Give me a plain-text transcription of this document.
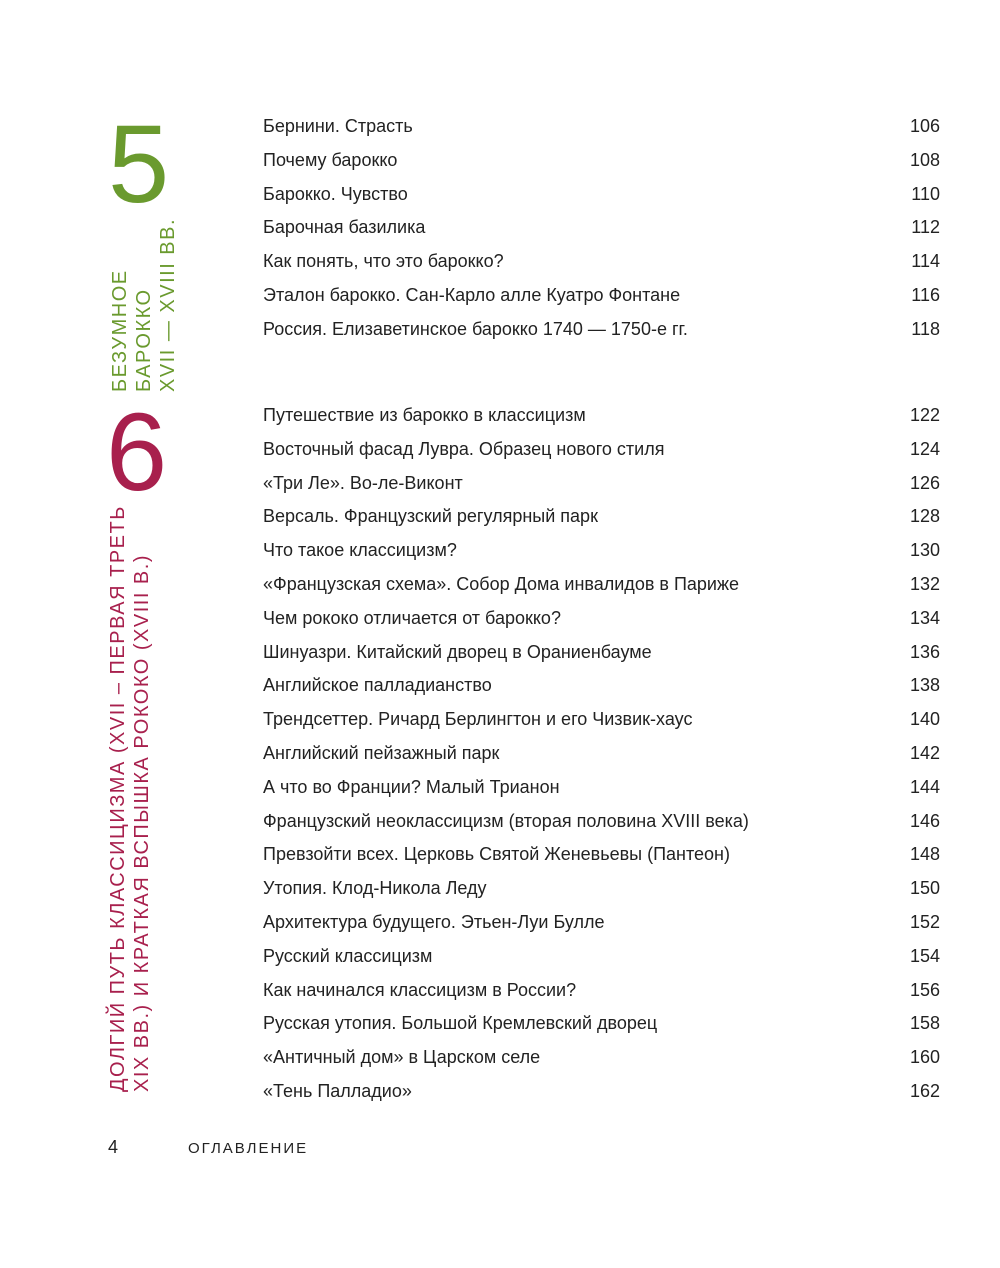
5
БЕЗУМНОЕ БАРОККО XVII — XVIII ВВ.
Бернини. Страсть	106
Почему барокко	108
Барокко. Чувство	110
Барочная базилика	112
Как понять, что это барокко?	114
Эталон барокко. Сан-Карло алле Куатро Фонтане	116
Россия. Елизаветинское барокко 1740 — 1750-е гг.	118
6
ДОЛГИЙ ПУТЬ КЛАССИЦИЗМА (XVII – ПЕРВАЯ ТРЕТЬ XIX ВВ.) И КРАТКАЯ ВСПЫШКА РОКОКО (XVIII В.)
Путешествие из барокко в классицизм	122
Восточный фасад Лувра. Образец нового стиля	124
«Три Ле». Во-ле-Виконт	126
Версаль. Французский регулярный парк	128
Что такое классицизм?	130
«Французская схема». Собор Дома инвалидов в Париже	132
Чем рококо отличается от барокко?	134
Шинуазри. Китайский дворец в Ораниенбауме	136
Английское палладианство	138
Трендсеттер. Ричард Берлингтон и его Чизвик-хаус	140
Английский пейзажный парк	142
А что во Франции? Малый Трианон	144
Французский неоклассицизм (вторая половина XVIII века)	146
Превзойти всех. Церковь Святой Женевьевы (Пантеон)	148
Утопия. Клод-Никола Леду	150
Архитектура будущего. Этьен-Луи Булле	152
Русский классицизм	154
Как начинался классицизм в России?	156
Русская утопия. Большой Кремлевский дворец	158
«Античный дом» в Царском селе	160
«Тень Палладио»	162
4	ОГЛАВЛЕНИЕ
